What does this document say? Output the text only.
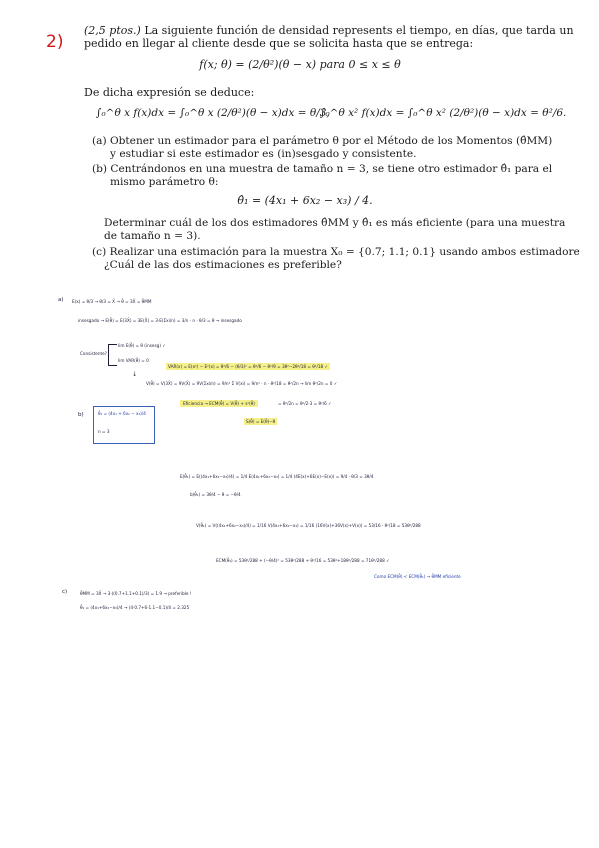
2)
(2,5 ptos.) La siguiente función de densidad represents el tiempo, en días, que tarda un
pedido en llegar al cliente desde que se solicita hasta que se entrega:
f(x; θ) = (2/θ²)(θ − x) para 0 ≤ x ≤ θ
De dicha expresión se deduce:
∫₀^θ x f(x)dx = ∫₀^θ x (2/θ²)(θ − x)dx = θ/3,
∫₀^θ x² f(x)dx = ∫₀^θ x² (2/θ²)(θ − x)dx = θ²/6.
(a) Obtener un estimador para el parámetro θ por el Método de los Momentos (θ̂MM)
y estudiar si este estimador es (in)sesgado y consistente.
(b) Centrándonos en una muestra de tamaño n = 3, se tiene otro estimador θ̂₁ para el
mismo parámetro θ:
θ̂₁ = (4x₁ + 6x₂ − x₃) / 4.
Determinar cuál de los dos estimadores θ̂MM y θ̂₁ es más eficiente (para una muestra
de tamaño n = 3).
(c) Realizar una estimación para la muestra X₀ = {0.7; 1.1; 0.1} usando ambos estimadore
¿Cuál de las dos estimaciones es preferible?
a) E(x) = θ/3 → θ/3 = X̄ → θ̂ = 3X̄ = θ̂MM
insesgado → E(θ̂) = E(3X̄) = 3E(X̄) = 3·E(Σxi/n) = 3/n · n · θ/3 = θ → insesgado
Consistente?
lim E(θ̂) = θ (insesg) ✓
lim VAR(θ̂) = 0
VAR(x) = E(x²) − E²(x) = θ²/6 − (θ/3)² = θ²/6 − θ²/9 = 3θ²−2θ²/18 = θ²/18 ✓
↓
V(θ̂) = V(3X̄) = 9V(X̄) = 9V(Σxi/n) = 9/n² Σ V(xi) = 9/n² · n · θ²/18 = θ²/2n → lim θ²/2n = 0 ✓
b)	θ̂₁ = (4x₁ + 6x₂ − x₃)/4
n = 3
Eficiencia → ECM(θ̂) = V(θ̂) + s²(θ̂)	= θ²/2n = θ²/2·3 = θ²/6 ✓
S(θ̂) = E(θ̂)−θ
E(θ̂₁) = E((4x₁+6x₂−x₃)/4) = 1/4 E(4x₁+6x₂−x₃) = 1/4 (4E(x)+6E(x)−E(x)) = 9/4 · θ/3 = 3θ/4
b(θ̂₁) = 3θ/4 − θ = −θ/4
V(θ̂₁) = V((4x₁+6x₂−x₃)/4) = 1/16 V(4x₁+6x₂−x₃) = 1/16 (16V(x)+36V(x)+V(x)) = 53/16 · θ²/18 = 53θ²/288
ECM(θ̂₁) = 53θ²/288 + (−θ/4)² = 53θ²/288 + θ²/16 = 53θ²+18θ²/288 = 71θ²/288 ✓
Como ECM(θ̂) < ECM(θ̂₁) → θ̂MM eficiente
c)	θ̂MM = 3X̄ → 3·((0.7+1.1+0.1)/3) = 1.9 → preferible !
θ̂₁ = (4x₁+6x₂−x₃)/4 → (4·0.7+6·1.1−0.1)/4 = 2.325
